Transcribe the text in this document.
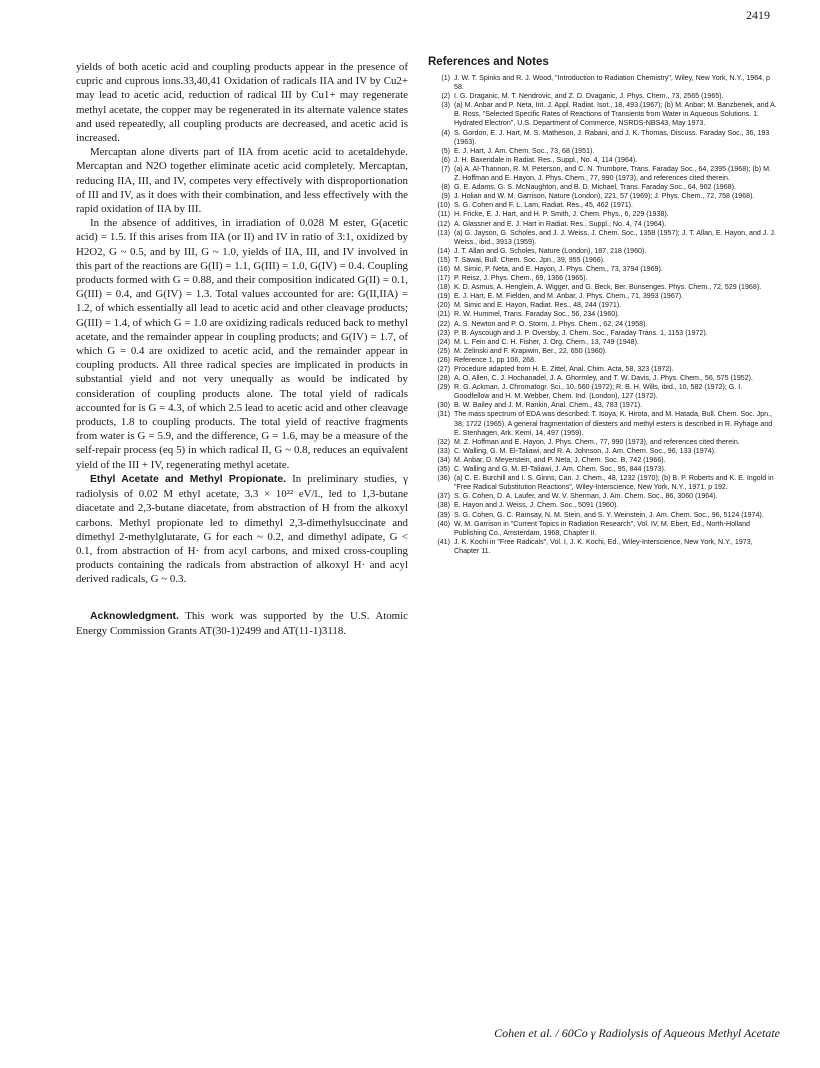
2419

yields of both acetic acid and coupling products appear in the presence of cupric and cuprous ions.33,40,41 Oxidation of radicals IIA and IV by Cu2+ may lead to acetic acid, reduction of radical III by Cu1+ may regenerate methyl acetate, the copper may be regenerated in its alternate valence states and used repeatedly, all coupling products are decreased, and acetic acid is increased.

Mercaptan alone diverts part of IIA from acetic acid to acetaldehyde. Mercaptan and N2O together eliminate acetic acid completely. Mercaptan, reducing IIA, III, and IV, competes very effectively with disproportionation of III and IV, as it does with their combination, and less effectively with the rapid oxidation of IIA by III.

In the absence of additives, in irradiation of 0.028 M ester, G(acetic acid) = 1.5. If this arises from IIA (or II) and IV in ratio of 3:1, oxidized by H2O2, G ~ 0.5, and by III, G ~ 1.0, yields of IIA, III, and IV involved in this part of the reactions are G(II) = 1.1, G(III) = 1.0, G(IV) = 0.4. Coupling products formed with G = 0.88, and their composition indicated G(II) = 0.1, G(III) = 0.4, and G(IV) = 1.3. Total values accounted for are: G(II,IIA) = 1.2, of which essentially all lead to acetic acid and other cleavage products; G(III) = 1.4, of which G = 1.0 are oxidizing radicals reduced back to methyl acetate, and the remainder appear in coupling products; and G(IV) = 1.7, of which G = 0.4 are oxidized to acetic acid, and the remainder appear in coupling products. All three radical species are implicated in products in substantial yield and not very unequally as would be indicated by consideration of coupling products alone. The total yield of radicals accounted for is G = 4.3, of which 2.5 lead to acetic acid and other cleavage products, 1.8 to coupling products. The total yield of reactive fragments from water is G = 5.9, and the difference, G = 1.6, may be a measure of the self-repair process (eq 5) in which radical II, G ~ 0.8, reduces an equivalent yield of the III + IV, regenerating methyl acetate.

Ethyl Acetate and Methyl Propionate. In preliminary studies, γ radiolysis of 0.02 M ethyl acetate, 3.3 × 10²² eV/l., led to 1,3-butane diacetate and 2,3-butane diacetate, from abstraction of H from the alkoxyl carbons. Methyl propionate led to dimethyl 2,3-dimethylsuccinate and dimethyl 2-methylglutarate, G for each ~ 0.2, and dimethyl adipate, G < 0.1, from abstraction of H· from acyl carbons, and mixed cross-coupling products containing the radicals from abstraction of alkoxyl H· and acyl derived radicals, G ~ 0.3.

Acknowledgment. This work was supported by the U.S. Atomic Energy Commission Grants AT(30-1)2499 and AT(11-1)3118.

References and Notes
(1) J. W. T. Spinks and R. J. Wood, "Introduction to Radiation Chemistry", Wiley, New York, N.Y., 1964, p 58.
(2) I. G. Draganic, M. T. Nendrovic, and Z. D. Dvaganic, J. Phys. Chem., 73, 2565 (1965).
(3) (a) M. Anbar and P. Neta, Int. J. Appl. Radiat. Isot., 18, 493 (1967); (b) M. Anbar; M. Banzbenek, and A. B. Ross, "Selected Specific Rates of Reactions of Transients from Water in Aqueous Solutions. 1. Hydrated Electron", U.S. Department of Commerce, NSRDS-NBS43, May 1973.
(4) S. Gordon, E. J. Hart, M. S. Matheson, J. Rabani, and J. K. Thomas, Discuss. Faraday Soc., 36, 193 (1963).
(5) E. J. Hart, J. Am. Chem. Soc., 73, 68 (1951).
(6) J. H. Baxendale in Radiat. Res., Suppl., No. 4, 114 (1964).
(7) (a) A. Al-Thannon, R. M. Peterson, and C. N. Trumbore, Trans. Faraday Soc., 64, 2395 (1968); (b) M. Z. Hoffman and E. Hayon, J. Phys. Chem., 77, 990 (1973), and references cited therein.
(8) G. E. Adams, G. S. McNaughton, and B. D. Michael, Trans. Faraday Soc., 64, 902 (1968).
(9) J. Holian and W. M. Garrison, Nature (London), 221, 57 (1969); J. Phys. Chem., 72, 758 (1968).
(10) S. G. Cohen and F. L. Lam, Radiat. Res., 45, 462 (1971).
(11) H. Fricke, E. J. Hart, and H. P. Smith, J. Chem. Phys., 6, 229 (1938).
(12) A. Glassner and E. J. Hart in Radiat. Res., Suppl., No. 4, 74 (1964).
(13) (a) G. Jayson, G. Scholes, and J. J. Weiss, J. Chem. Soc., 1358 (1957); J. T. Allan, E. Hayon, and J. J. Weiss., ibid., 3913 (1959).
(14) J. T. Allan and G. Scholes, Nature (London), 187, 218 (1960).
(15) T. Sawai, Bull. Chem. Soc. Jpn., 39, 955 (1966).
(16) M. Simic, P. Neta, and E. Hayon, J. Phys. Chem., 73, 3794 (1969).
(17) P. Reisz, J. Phys. Chem., 69, 1366 (1965).
(18) K. D. Asmus, A. Henglein, A. Wigger, and G. Beck, Ber. Bunsenges. Phys. Chem., 72, 529 (1968).
(19) E. J. Hart, E. M. Fielden, and M. Anbar, J. Phys. Chem., 71, 3993 (1967).
(20) M. Simic and E. Hayon, Radiat. Res., 48, 244 (1971).
(21) R. W. Hummel, Trans. Faraday Soc., 56, 234 (1960).
(22) A. S. Newton and P. O. Storm, J. Phys. Chem., 62, 24 (1958).
(23) P. B. Ayscough and J. P. Oversby, J. Chem. Soc., Faraday Trans. 1, 1153 (1972).
(24) M. L. Fein and C. H. Fisher, J. Org. Chem., 13, 749 (1948).
(25) M. Zelinski and F. Krapiwin, Ber., 22, 650 (1960).
(26) Reference 1, pp 106, 268.
(27) Procedure adapted from H. E. Zittel, Anal. Chim. Acta, 58, 323 (1972).
(28) A. O. Allen, C. J. Hochanadel, J. A. Ghormley, and T. W. Davis, J. Phys. Chem., 56, 575 (1952).
(29) R. G. Ackman, J. Chromatogr. Sci., 10, 560 (1972); R. B. H. Wills, ibid., 10, 582 (1972); G. I. Goodfellow and H. M. Webber, Chem. Ind. (London), 127 (1972).
(30) B. W. Bailey and J. M. Rankin, Anal. Chem., 43, 783 (1971).
(31) The mass spectrum of EDA was described: T. Isoya, K. Hirota, and M. Hatada, Bull. Chem. Soc. Jpn., 38, 1722 (1965). A general fragmentation of diesters and methyl esters is described in R. Ryhage and E. Stenhagen, Ark. Kemi, 14, 497 (1959).
(32) M. Z. Hoffman and E. Hayon, J. Phys. Chem., 77, 990 (1973), and references cited therein.
(33) C. Walling, G. M. El-Taliawi, and R. A. Johnson, J. Am. Chem. Soc., 96, 133 (1974).
(34) M. Anbar, D. Meyerstein, and P. Neta, J. Chem. Soc. B, 742 (1966).
(35) C. Walling and G. M. El-Taliawi, J. Am. Chem. Soc., 95, 844 (1973).
(36) (a) C. E. Burchill and I. S. Ginns, Can. J. Chem., 48, 1232 (1970); (b) B. P. Roberts and K. E. Ingold in "Free Radical Substitution Reactions", Wiley-Interscience, New York, N.Y., 1971, p 192.
(37) S. G. Cohen, D. A. Laufer, and W. V. Sherman, J. Am. Chem. Soc., 86, 3060 (1964).
(38) E. Hayon and J. Weiss, J. Chem. Soc., 5091 (1960).
(39) S. G. Cohen, G. C. Ramsay, N. M. Stein, and S. Y. Weinstein, J. Am. Chem. Soc., 96, 5124 (1974).
(40) W. M. Garrison in "Current Topics in Radiation Research", Vol. IV, M. Ebert, Ed., North-Holland Publishing Co., Amsterdam, 1968, Chapter II.
(41) J. K. Kochi in "Free Radicals", Vol. I, J. K. Kochi, Ed., Wiley-Interscience, New York, N.Y., 1973, Chapter 11.
Cohen et al. / 60Co γ Radiolysis of Aqueous Methyl Acetate
